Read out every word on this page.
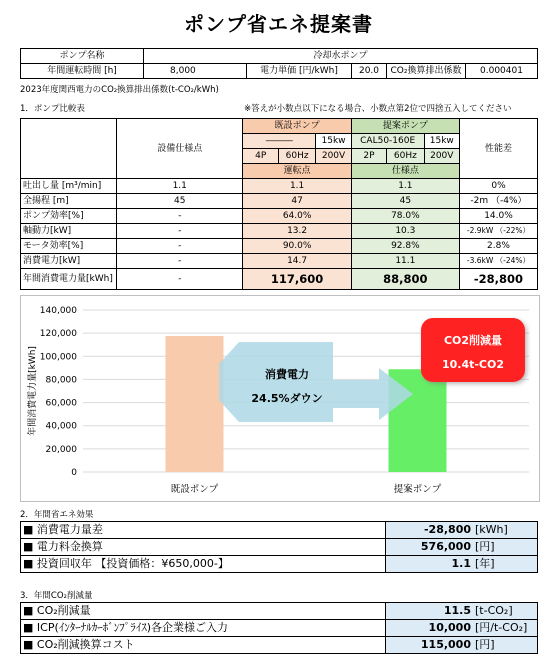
ポンプ省エネ提案書
ポンプ名称	冷却水ポンプ				
年間運転時間 [h]	8,000	電力単価 [円/kWh]	20.0	CO₂換算排出係数	0.000401
2023年度関西電力のCO₂換算排出係数(t-CO₂/kWh)
1．ポンプ比較表	※答えが小数点以下になる場合、小数点第2位で四捨五入してください
	設備仕様点	既設ポンプ			提案ポンプ			性能差
		―――		15kw	CAL50-160E		15kw	
		4P	60Hz	200V	2P	60Hz	200V	
		運転点			仕様点			
吐出し量 [m³/min]	1.1	1.1			1.1			0%
全揚程 [m]	45	47			45			-2m （-4%）
ポンプ効率[%]	-	64.0%			78.0%			14.0%
軸動力[kW]	-	13.2			10.3			-2.9kW （-22%）
モータ効率[%]	-	90.0%			92.8%			2.8%
消費電力[kW]	-	14.7			11.1			-3.6kW （-24%）
年間消費電力量[kWh]	-	117,600			88,800			-28,800
0
20,000
40,000
60,000
80,000
100,000
120,000
140,000
既設ポンプ	提案ポンプ
年間消費電力量[kWh]	消費電力
24.5%ダウン
CO2削減量
10.4t-CO2
2．年間省エネ効果
■ 消費電力量差	-28,800	[kWh]
■ 電力料金換算	576,000	[円]
■ 投資回収年 【投資価格：¥650,000-】	1.1	[年]
3．年間CO₂削減量
■ CO₂削減量	11.5	[t-CO₂]
■ ICP(ｲﾝﾀｰﾅﾙｶｰﾎﾞﾝﾌﾟﾗｲｽ)各企業様ご入力	10,000	[円/t-CO₂]
■ CO₂削減換算コスト	115,000	[円]
